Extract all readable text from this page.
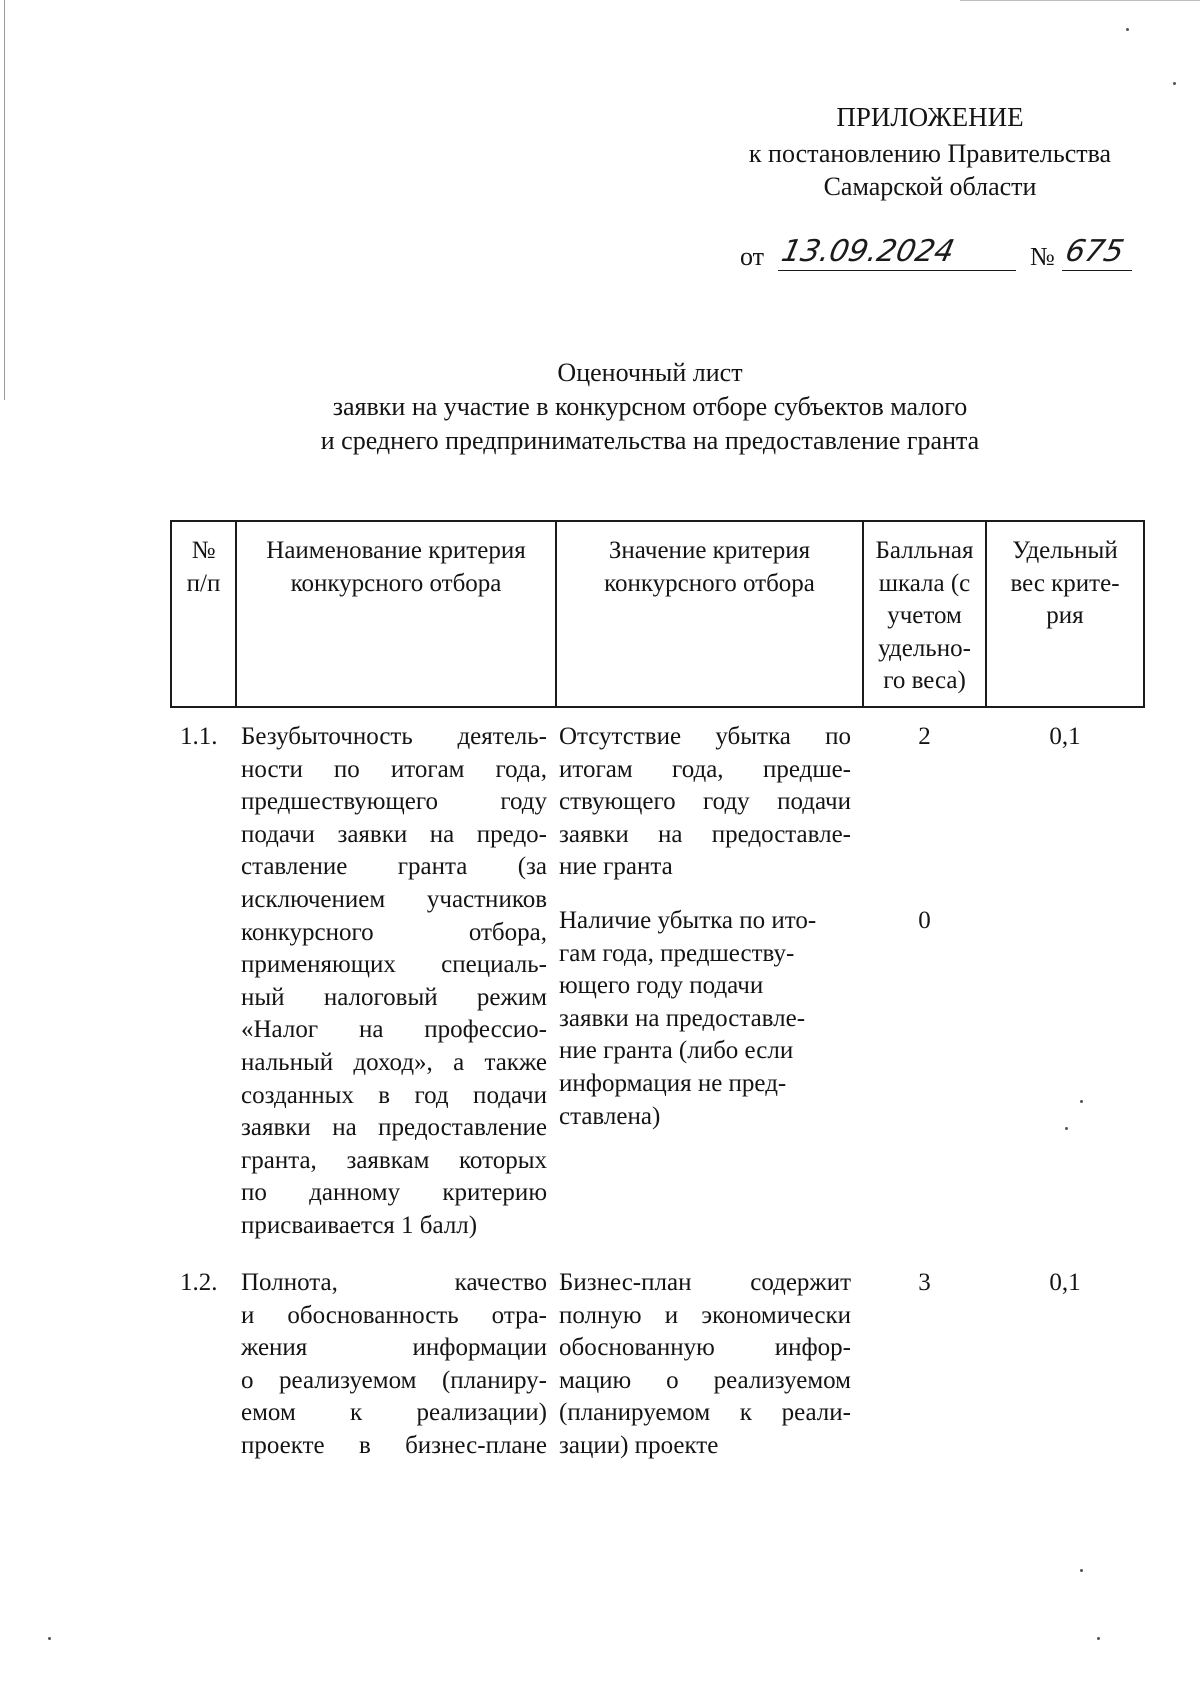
ПРИЛОЖЕНИЕ
к постановлению Правительства
Самарской области
от 13.09.2024	№ 675
Оценочный лист
заявки на участие в конкурсном отборе субъектов малого
и среднего предпринимательства на предоставление гранта
№
п/п
Наименование критерия
конкурсного отбора
Значение критерия
конкурсного отбора
Балльная
шкала (с
учетом
удельно-
го веса)
Удельный
вес крите-
рия
1.1. Безубыточность деятель-
ности по итогам года,
предшествующего году
подачи заявки на предо-
ставление гранта (за
исключением участников
конкурсного отбора,
применяющих специаль-
ный налоговый режим
«Налог на профессио-
нальный доход», а также
созданных в год подачи
заявки на предоставление
гранта, заявкам которых
по данному критерию
присваивается 1 балл)
Отсутствие убытка по
итогам года, предше-
ствующего году подачи
заявки на предоставле-
ние гранта
Наличие убытка по ито-
гам года, предшеству-
ющего году подачи
заявки на предоставле-
ние гранта (либо если
информация не пред-
ставлена)
2
0
0,1
1.2. Полнота, качество
и обоснованность отра-
жения информации
о реализуемом (планиру-
емом к реализации)
проекте в бизнес-плане
Бизнес-план содержит
полную и экономически
обоснованную инфор-
мацию о реализуемом
(планируемом к реали-
зации) проекте
3	0,1
